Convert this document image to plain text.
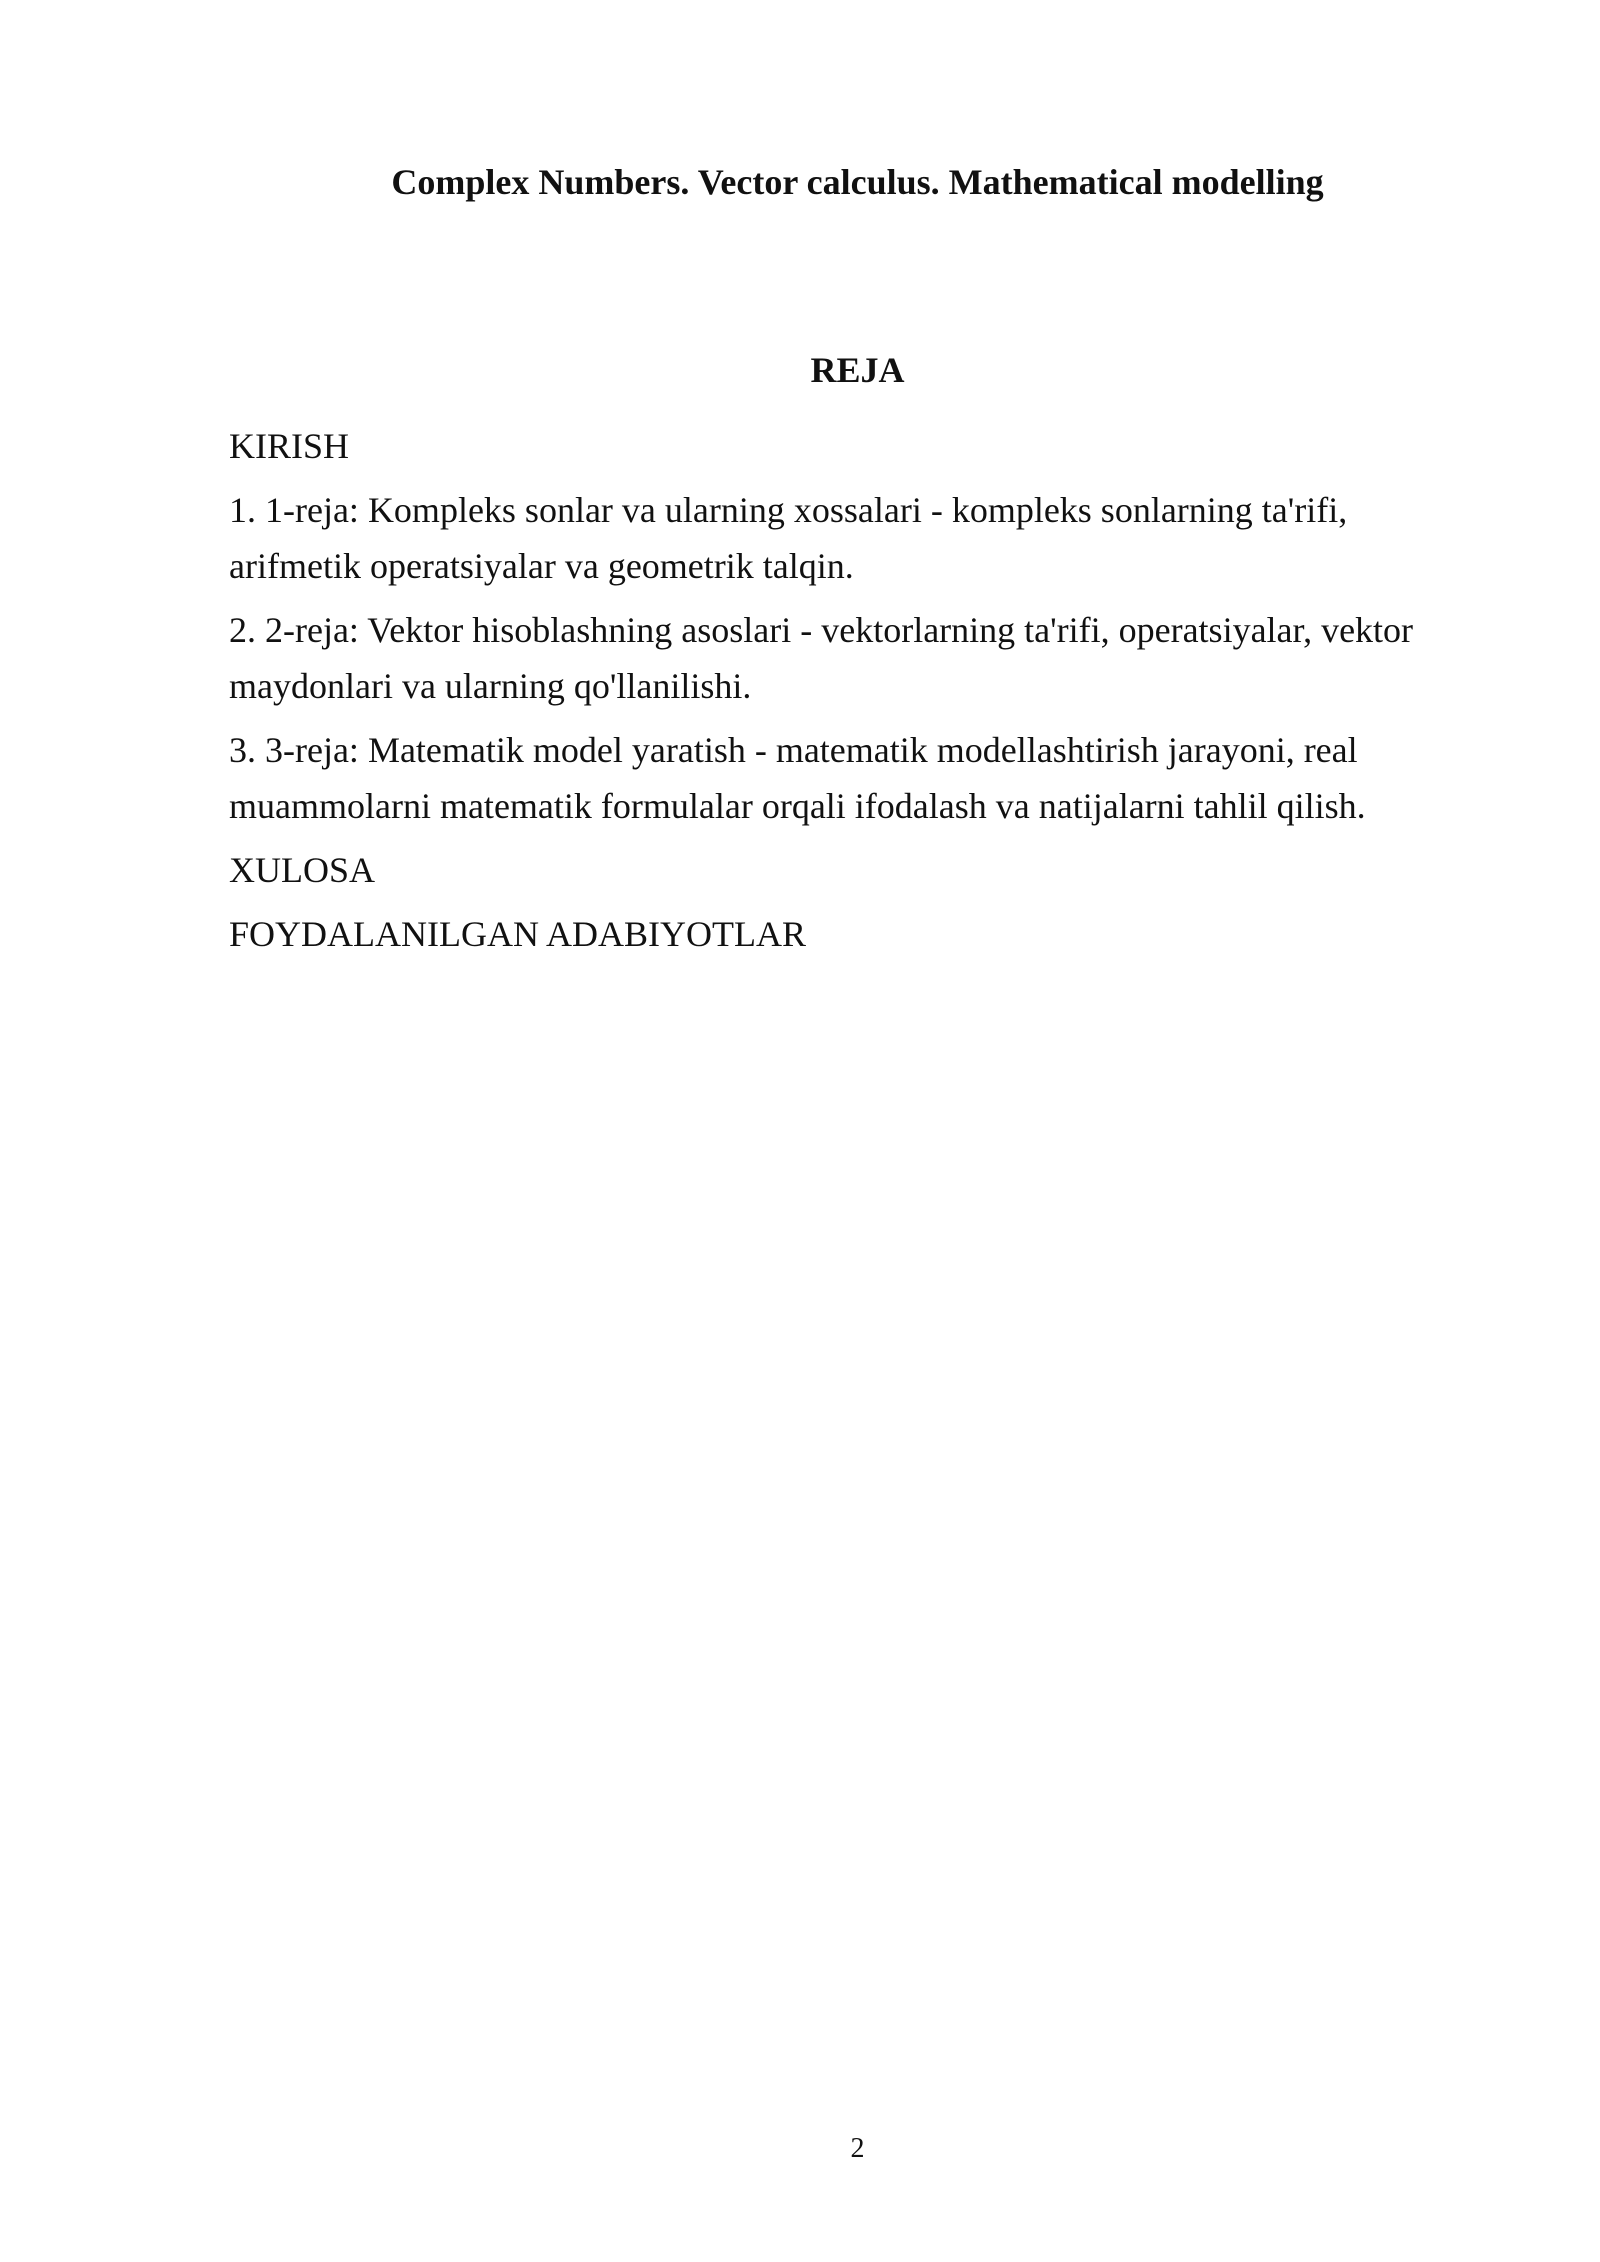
Complex Numbers. Vector calculus. Mathematical modelling
REJA

KIRISH

1. 1-reja: Kompleks sonlar va ularning xossalari - kompleks sonlarning ta'rifi, arifmetik operatsiyalar va geometrik talqin.

2. 2-reja: Vektor hisoblashning asoslari - vektorlarning ta'rifi, operatsiyalar, vektor maydonlari va ularning qo'llanilishi.

3. 3-reja: Matematik model yaratish - matematik modellashtirish jarayoni, real muammolarni matematik formulalar orqali ifodalash va natijalarni tahlil qilish.

XULOSA

FOYDALANILGAN ADABIYOTLAR

2
